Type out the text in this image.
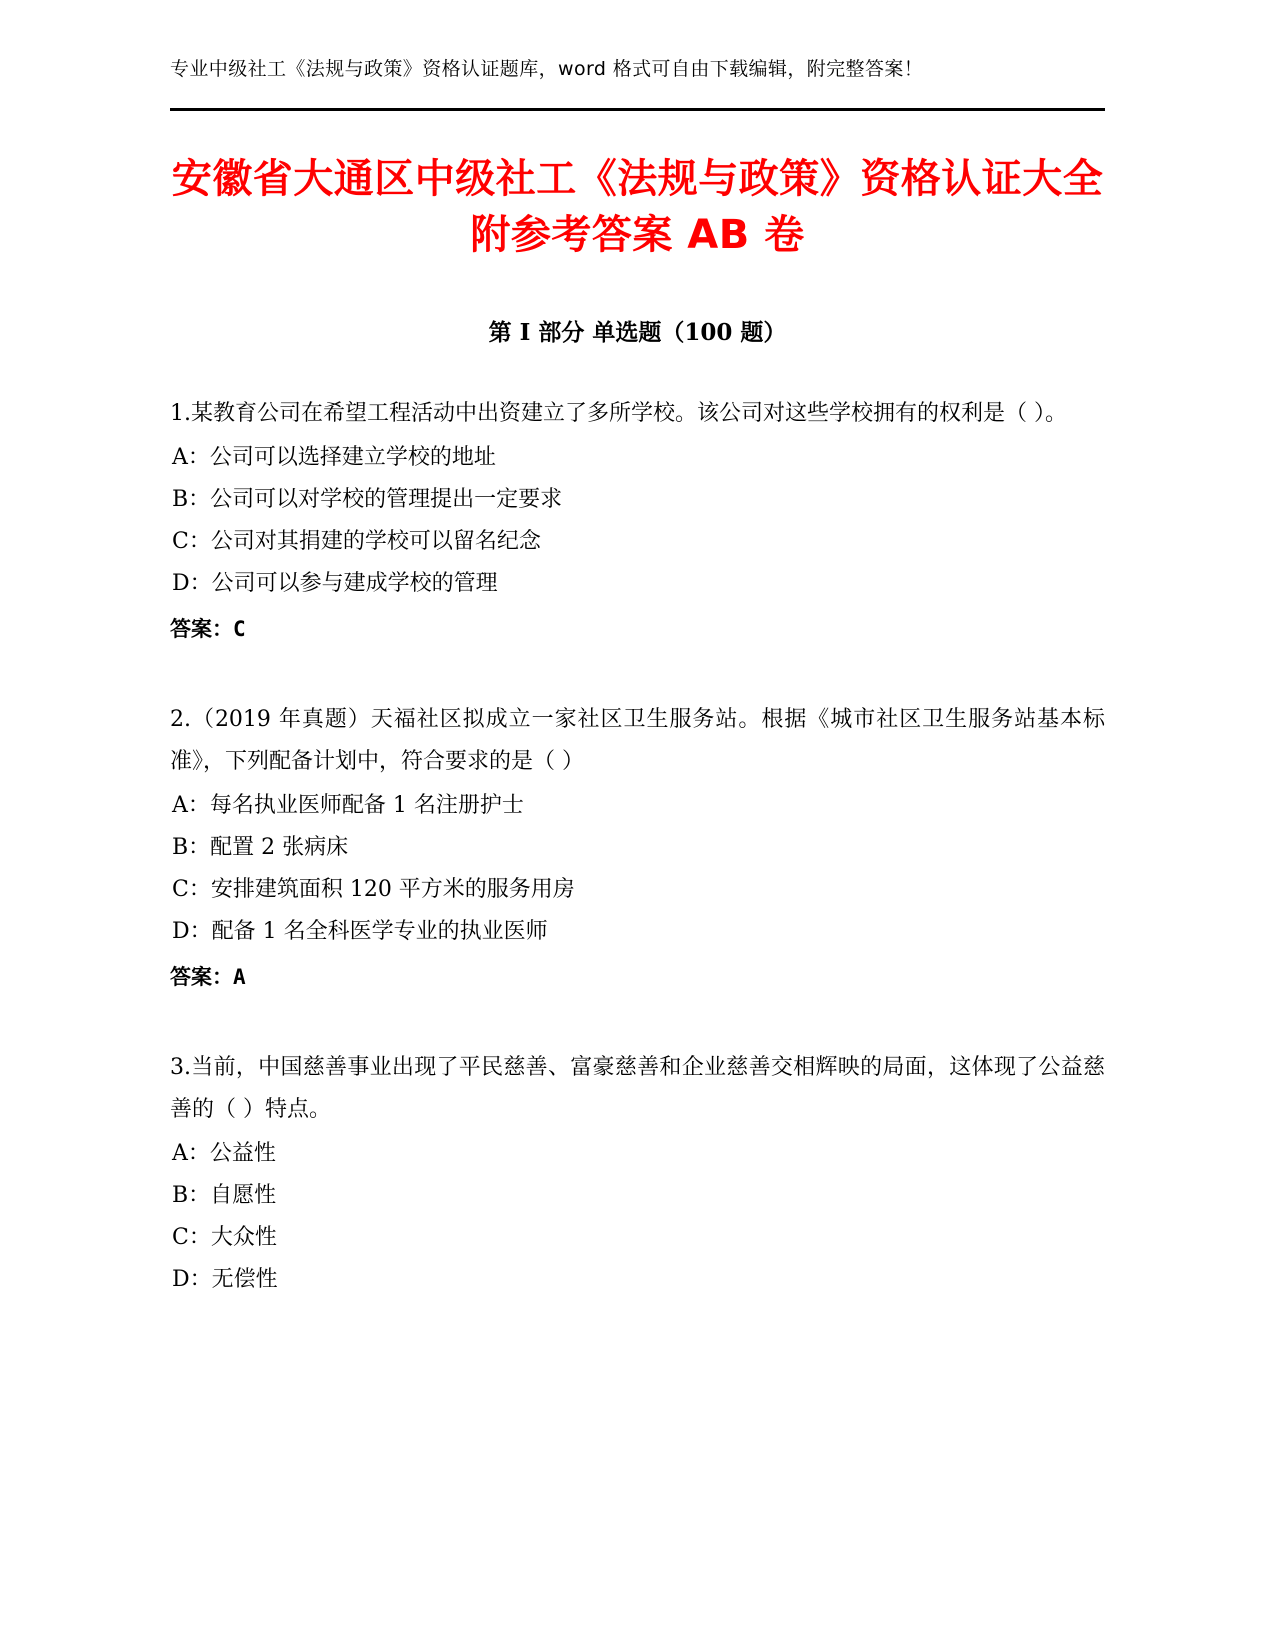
专业中级社工《法规与政策》资格认证题库，word 格式可自由下载编辑，附完整答案！

安徽省大通区中级社工《法规与政策》资格认证大全附参考答案 AB 卷
第 I 部分 单选题（100 题）

1.某教育公司在希望工程活动中出资建立了多所学校。该公司对这些学校拥有的权利是（ ）。

A：公司可以选择建立学校的地址

B：公司可以对学校的管理提出一定要求

C：公司对其捐建的学校可以留名纪念

D：公司可以参与建成学校的管理

答案：C

2.（2019 年真题）天福社区拟成立一家社区卫生服务站。根据《城市社区卫生服务站基本标准》，下列配备计划中，符合要求的是（ ）

A：每名执业医师配备 1 名注册护士

B：配置 2 张病床

C：安排建筑面积 120 平方米的服务用房

D：配备 1 名全科医学专业的执业医师

答案：A

3.当前，中国慈善事业出现了平民慈善、富豪慈善和企业慈善交相辉映的局面，这体现了公益慈善的（ ）特点。

A：公益性

B：自愿性

C：大众性

D：无偿性
